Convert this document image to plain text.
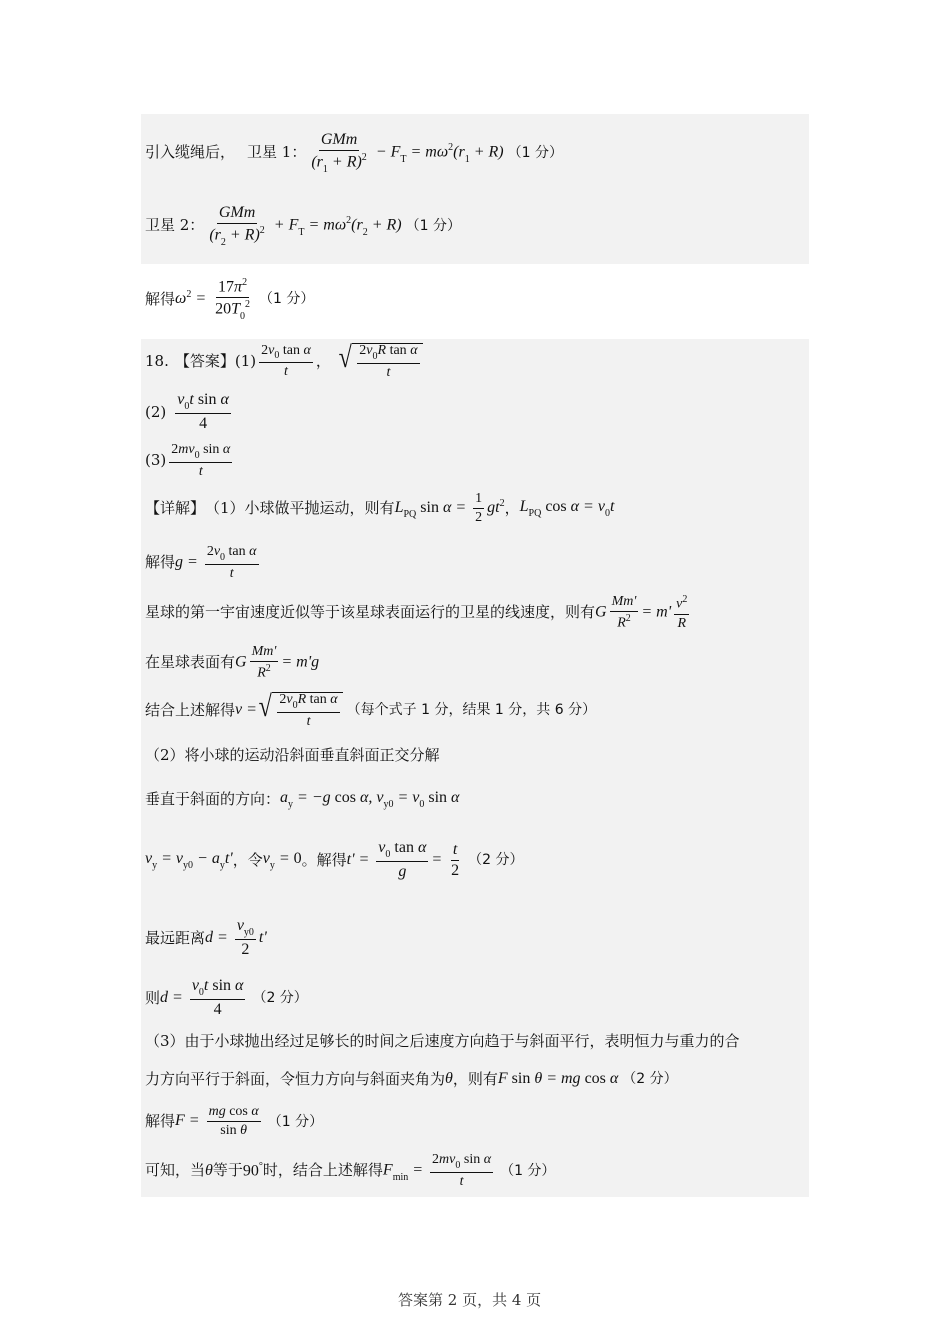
引入缆绳后， 卫星 1： $\frac{\text{GMm}}{(r_1 + R)^2} - F_T = m\omega^2(r_1 + R)$ （1 分）
卫星 2： $\frac{\text{GMm}}{(r_2 + R)^2} + F_T = m\omega^2(r_2 + R)$ （1 分）
解得 $\omega^2 = \frac{17\pi^2}{20T_0^2} (1$ 分）
18. 【答案】 $(1) \frac{2v_0 \tan \alpha}{t}$ ， √ $\frac{2v_0R \tan \alpha}{t}$
$(2) \frac{v_0t \sin \alpha}{4}$
$(3) \frac{2mv_0 \sin \alpha}{t}$
【详解】 （1）小球做平抛运动，则有 $L_{PQ}$ $\sin \alpha = \frac{1}{2} gt^2$ ， $L_{PQ}$ $\cos \alpha = v_0t$
解得 $g = \frac{2v_0 \tan \alpha}{t}$
星球的第一宇宙速度近似等于该星球表面运行的卫星的线速度，则有 G $\frac{Mm'}{R^2} = m' \frac{v^2}{R}$
在星球表面有 G $\frac{Mm'}{R^2} = m'g$
结合上述解得 v = √ $\frac{2v_0R \tan \alpha}{t}$ （每个式子 1 分，结果 1 分，共 6 分）
（2）将小球的运动沿斜面垂直斜面正交分解
垂直于斜面的方向： $a_y = -g$ cos α, $v_{y0} = v_0$ sin α
$v_y = v_{y0} - a_yt'$ ，令 $v_y = 0$ 。解得 $t' = \frac{v_0 \tan \alpha}{g} = \frac{t}{2} (2$ 分）
最远距离 $d = \frac{v_{y0}}{2} t'$
则 $d = \frac{v_0t \sin \alpha}{4} (2$ 分）
（3）由于小球抛出经过足够长的时间之后速度方向趋于与斜面平行，表明恒力与重力的合
力方向平行于斜面，令恒力方向与斜面夹角为 θ ，则有 F sin θ = mg cos α （2 分）
解得 $F = \frac{\text{mg cos α}}{\text{sin θ}} (1$ 分）
可知，当 θ 等于 90° 时，结合上述解得 $F_{min} = \frac{2mv_0 \sin \alpha}{t} (1$ 分）
答案第 2 页，共 4 页
